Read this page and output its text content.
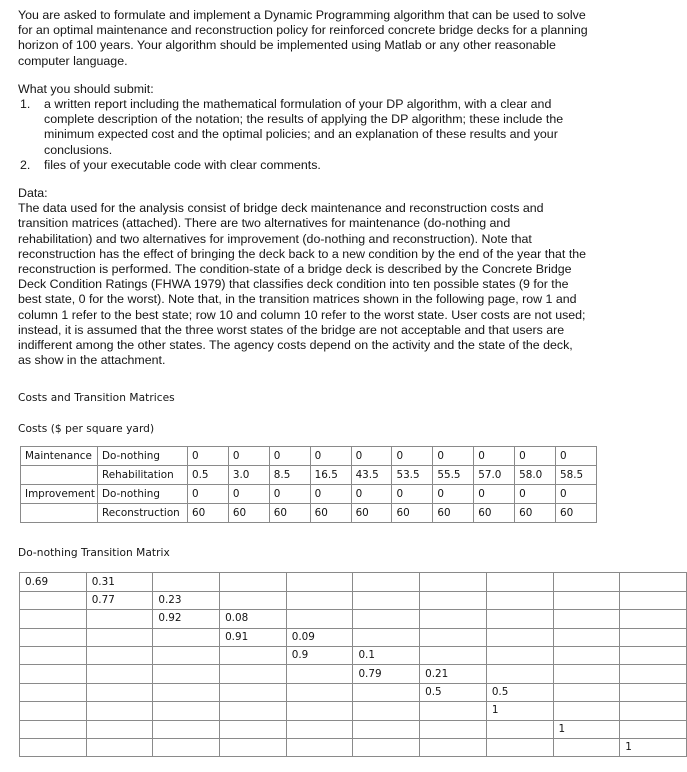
You are asked to formulate and implement a Dynamic Programming algorithm that can be used to solve for an optimal maintenance and reconstruction policy for reinforced concrete bridge decks for a planning horizon of 100 years. Your algorithm should be implemented using Matlab or any other reasonable computer language.

What you should submit:

1.	a written report including the mathematical formulation of your DP algorithm, with a clear and complete description of the notation; the results of applying the DP algorithm; these include the minimum expected cost and the optimal policies; and an explanation of these results and your conclusions.
2.	files of your executable code with clear comments.

Data:

The data used for the analysis consist of bridge deck maintenance and reconstruction costs and transition matrices (attached). There are two alternatives for maintenance (do-nothing and rehabilitation) and two alternatives for improvement (do-nothing and reconstruction). Note that reconstruction has the effect of bringing the deck back to a new condition by the end of the year that the reconstruction is performed. The condition-state of a bridge deck is described by the Concrete Bridge Deck Condition Ratings (FHWA 1979) that classifies deck condition into ten possible states (9 for the best state, 0 for the worst). Note that, in the transition matrices shown in the following page, row 1 and column 1 refer to the best state; row 10 and column 10 refer to the worst state. User costs are not used; instead, it is assumed that the three worst states of the bridge are not acceptable and that users are indifferent among the other states. The agency costs depend on the activity and the state of the deck, as show in the attachment.

Costs and Transition Matrices
Costs ($ per square yard)
Maintenance	Do-nothing	0	0	0	0	0	0	0	0	0	0
	Rehabilitation	0.5	3.0	8.5	16.5	43.5	53.5	55.5	57.0	58.0	58.5
Improvement	Do-nothing	0	0	0	0	0	0	0	0	0	0
	Reconstruction	60	60	60	60	60	60	60	60	60	60
Do-nothing Transition Matrix
0.69	0.31								
	0.77	0.23							
		0.92	0.08						
			0.91	0.09					
				0.9	0.1				
					0.79	0.21			
						0.5	0.5		
							1		
								1	
									1
